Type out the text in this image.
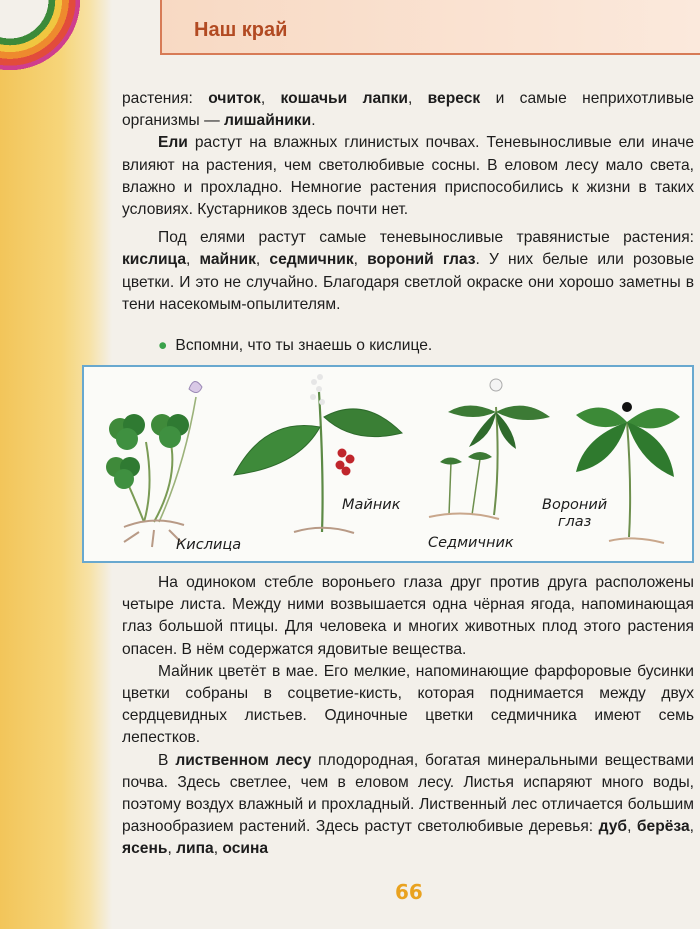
Наш край

растения: очиток, кошачьи лапки, вереск и самые неприхотливые организмы — лишайники.

Ели растут на влажных глинистых почвах. Теневыносливые ели иначе влияют на растения, чем светолюбивые сосны. В еловом лесу мало света, влажно и прохладно. Немногие растения приспособились к жизни в таких условиях. Кустарников здесь почти нет.

Под елями растут самые теневыносливые травянистые растения: кислица, майник, седмичник, вороний глаз. У них белые или розовые цветки. И это не случайно. Благодаря светлой окраске они хорошо заметны в тени насекомым-опылителям.

● Вспомни, что ты знаешь о кислице.
Кислица
Майник
Седмичник
Вороний
глаз

На одиноком стебле вороньего глаза друг против друга расположены четыре листа. Между ними возвышается одна чёрная ягода, напоминающая глаз большой птицы. Для человека и многих животных плод этого растения опасен. В нём содержатся ядовитые вещества.

Майник цветёт в мае. Его мелкие, напоминающие фарфоровые бусинки цветки собраны в соцветие-кисть, которая поднимается между двух сердцевидных листьев. Одиночные цветки седмичника имеют семь лепестков.

В лиственном лесу плодородная, богатая минеральными веществами почва. Здесь светлее, чем в еловом лесу. Листья испаряют много воды, поэтому воздух влажный и прохладный. Лиственный лес отличается большим разнообразием растений. Здесь растут светолюбивые деревья: дуб, берёза, ясень, липа, осина

66
